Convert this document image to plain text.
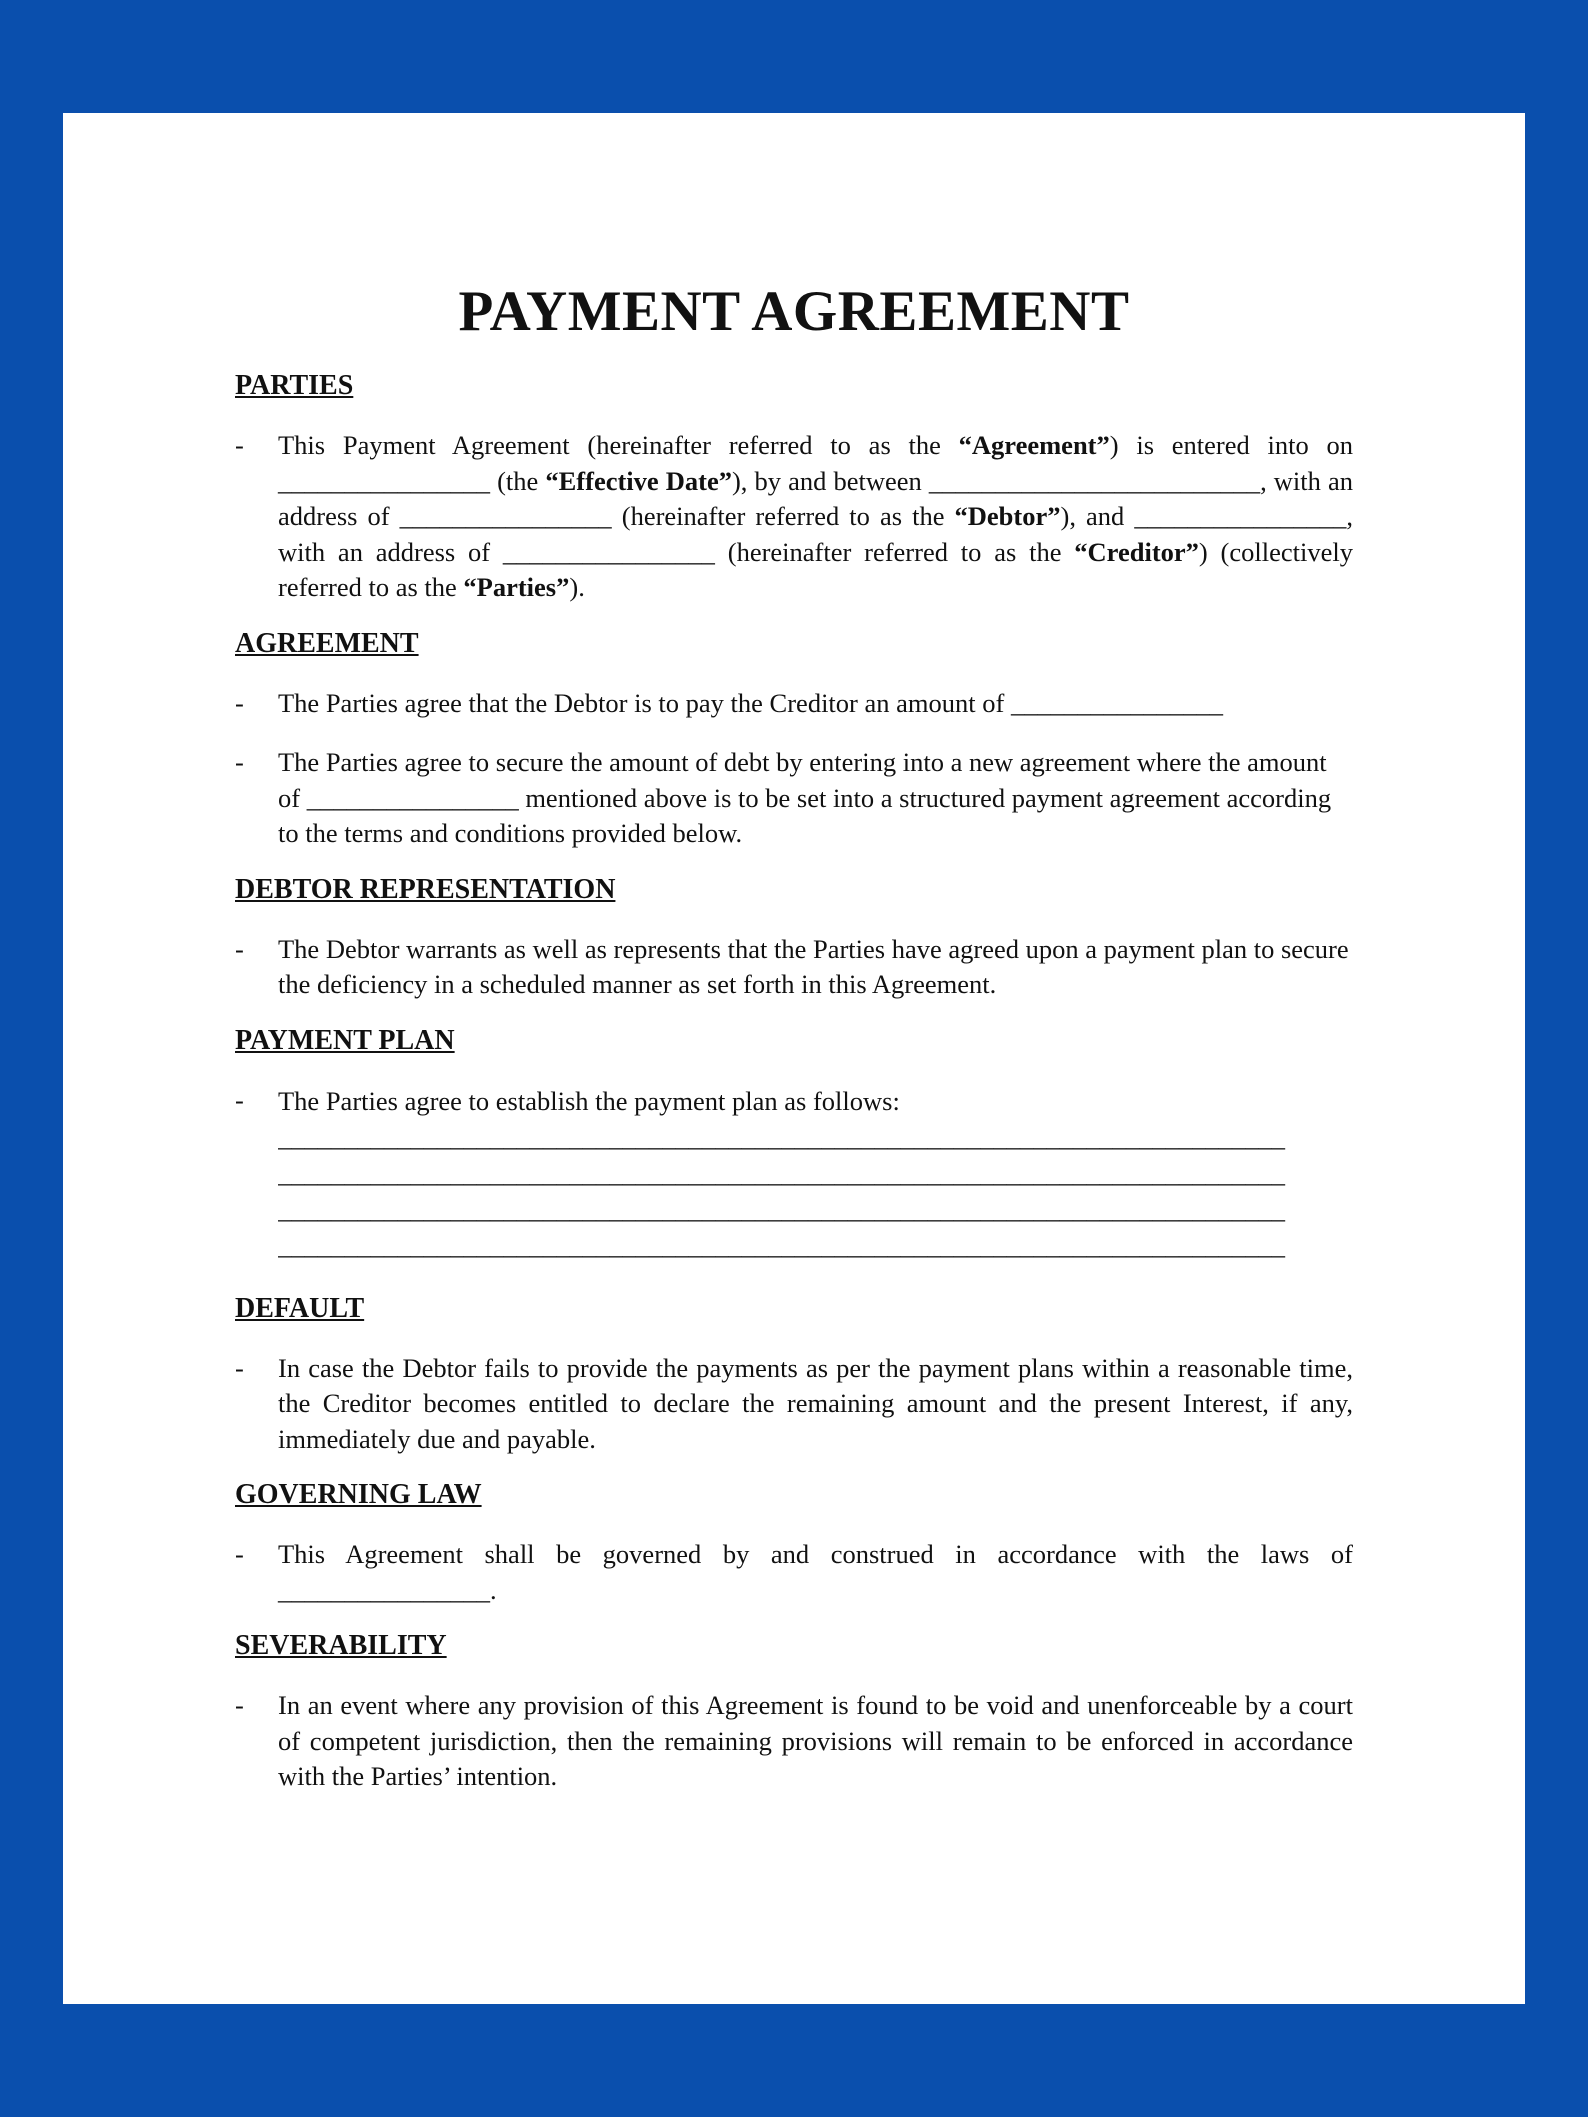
PAYMENT AGREEMENT
PARTIES
-	This Payment Agreement (hereinafter referred to as the “Agreement”) is entered into on ________________ (the “Effective Date”), by and between _________________________, with an address of ________________ (hereinafter referred to as the “Debtor”), and ________________, with an address of ________________ (hereinafter referred to as the “Creditor”) (collectively referred to as the “Parties”).
AGREEMENT
-	The Parties agree that the Debtor is to pay the Creditor an amount of ________________
-	The Parties agree to secure the amount of debt by entering into a new agreement where the amount of ________________ mentioned above is to be set into a structured payment agreement according to the terms and conditions provided below.
DEBTOR REPRESENTATION
-	The Debtor warrants as well as represents that the Parties have agreed upon a payment plan to secure the deficiency in a scheduled manner as set forth in this Agreement.
PAYMENT PLAN
-	The Parties agree to establish the payment plan as follows:
____________________________________________________________________________
____________________________________________________________________________
____________________________________________________________________________
____________________________________________________________________________
DEFAULT
-	In case the Debtor fails to provide the payments as per the payment plans within a reasonable time, the Creditor becomes entitled to declare the remaining amount and the present Interest, if any, immediately due and payable.
GOVERNING LAW
-	This Agreement shall be governed by and construed in accordance with the laws of ________________.
SEVERABILITY
-	In an event where any provision of this Agreement is found to be void and unenforceable by a court of competent jurisdiction, then the remaining provisions will remain to be enforced in accordance with the Parties’ intention.
